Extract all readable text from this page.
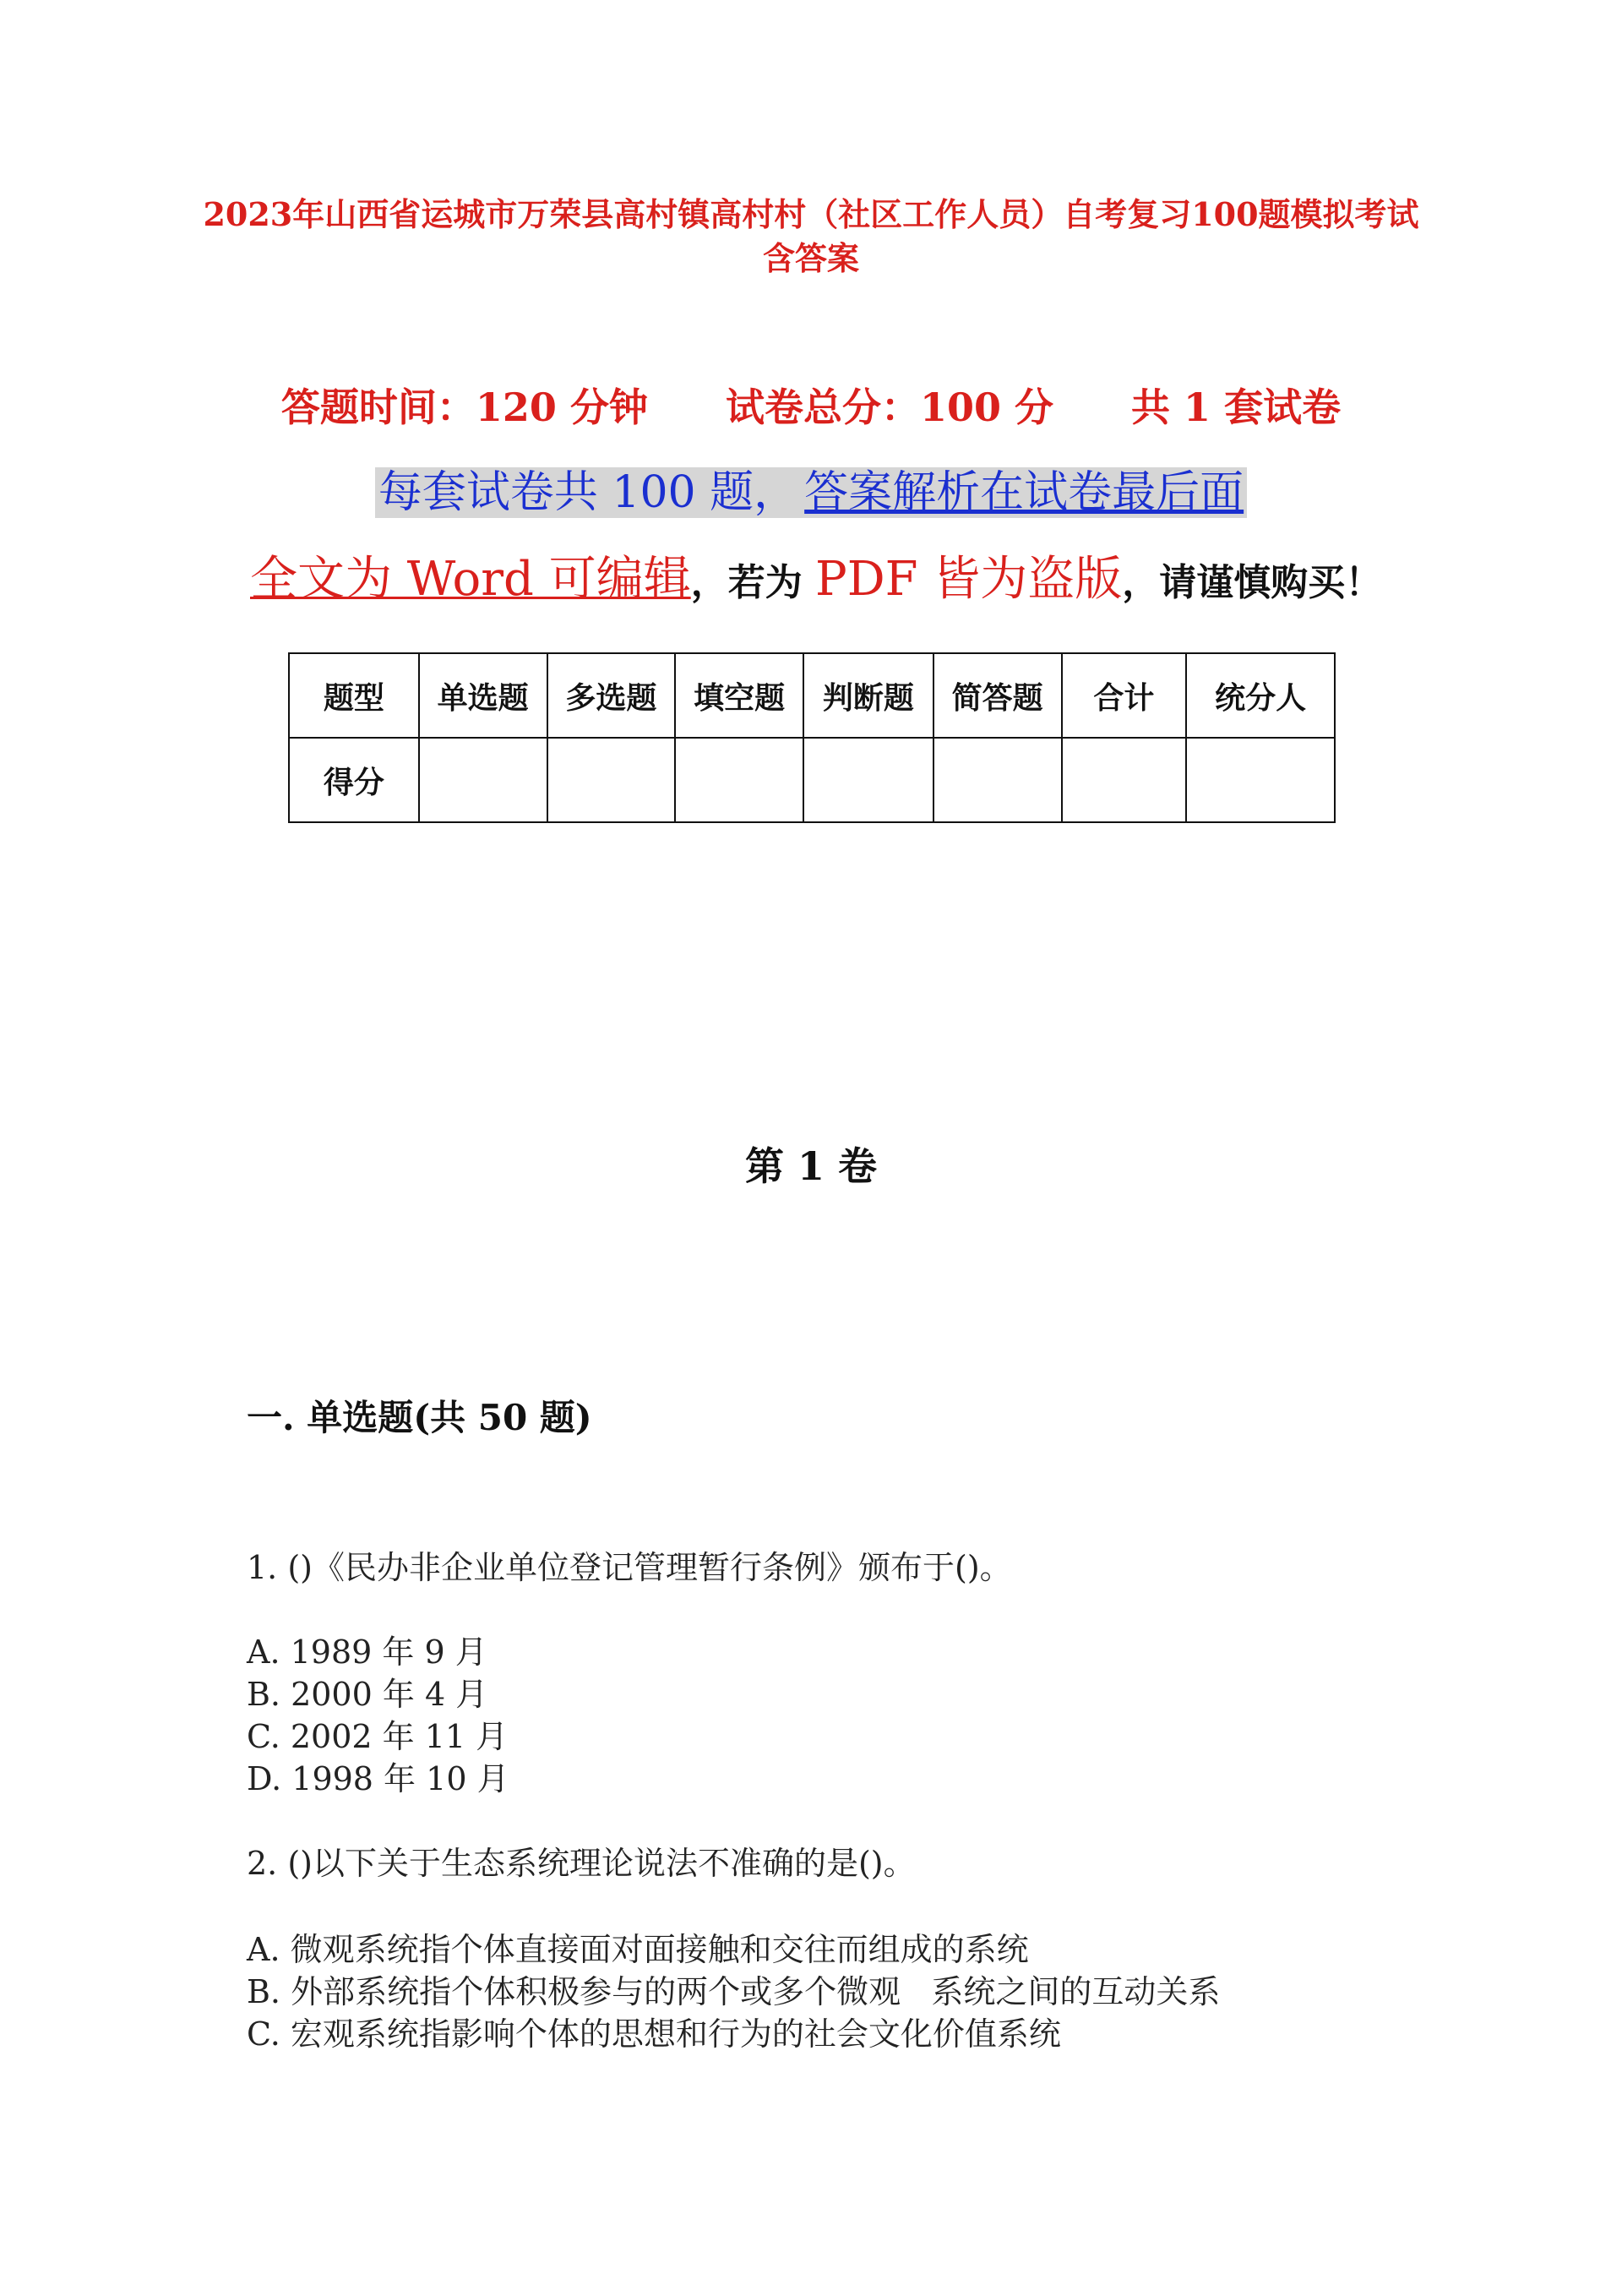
2023年山西省运城市万荣县高村镇高村村（社区工作人员）自考复习100题模拟考试含答案
答题时间：120 分钟 试卷总分：100 分 共 1 套试卷
每套试卷共 100 题， 答案解析在试卷最后面
全文为 Word 可编辑，若为 PDF 皆为盗版，请谨慎购买！
题型	单选题	多选题	填空题	判断题	简答题	合计	统分人
得分							
第 1 卷
一. 单选题(共 50 题)
1. ()《民办非企业单位登记管理暂行条例》颁布于()。
A. 1989 年 9 月
B. 2000 年 4 月
C. 2002 年 11 月
D. 1998 年 10 月
2. ()以下关于生态系统理论说法不准确的是()。
A. 微观系统指个体直接面对面接触和交往而组成的系统
B. 外部系统指个体积极参与的两个或多个微观   系统之间的互动关系
C. 宏观系统指影响个体的思想和行为的社会文化价值系统
